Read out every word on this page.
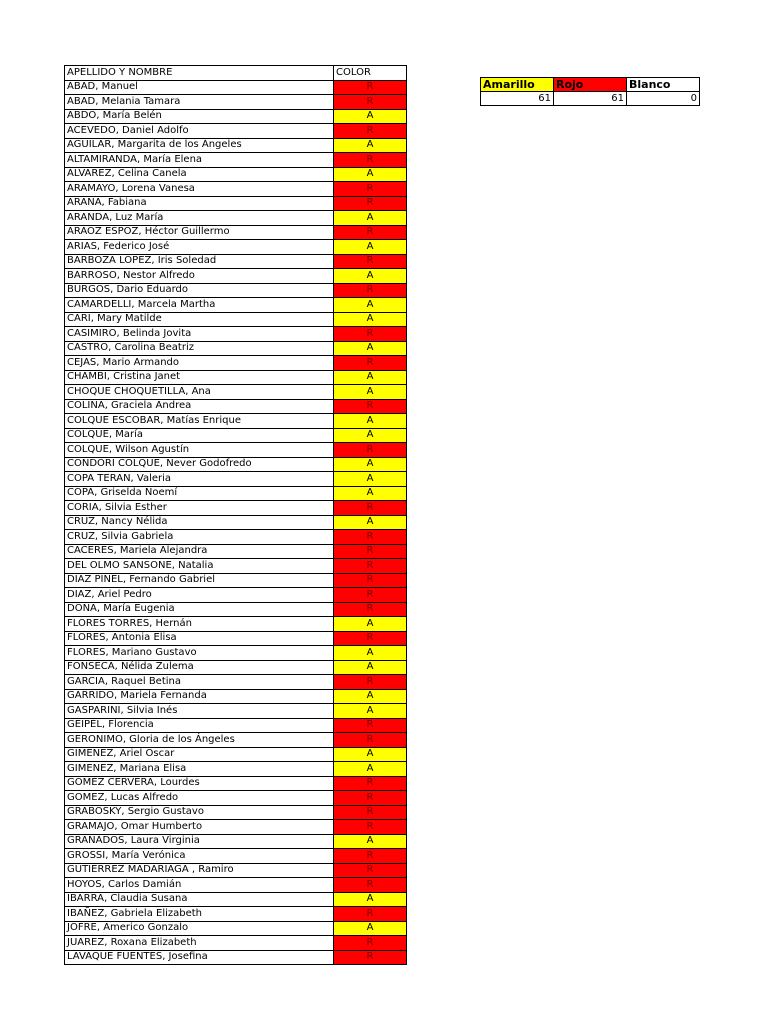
APELLIDO Y NOMBRE	COLOR
ABAD, Manuel	R
ABAD, Melania Tamara	R
ABDO, María Belén	A
ACEVEDO, Daniel Adolfo	R
AGUILAR, Margarita de los Ángeles	A
ALTAMIRANDA, María Elena	R
ALVAREZ, Celina Canela	A
ARAMAYO, Lorena Vanesa	R
ARANA, Fabiana	R
ARANDA, Luz María	A
ARAOZ ESPOZ, Héctor Guillermo	R
ARIAS, Federico José	A
BARBOZA LOPEZ, Iris Soledad	R
BARROSO, Nestor Alfredo	A
BURGOS, Dario Eduardo	R
CAMARDELLI, Marcela Martha	A
CARI, Mary Matilde	A
CASIMIRO, Belinda Jovita	R
CASTRO, Carolina Beatriz	A
CEJAS, Mario Armando	R
CHAMBI, Cristina Janet	A
CHOQUE CHOQUETILLA, Ana	A
COLINA, Graciela Andrea	R
COLQUE ESCOBAR, Matías Enrique	A
COLQUE, María	A
COLQUE, Wilson Agustín	R
CONDORI COLQUE, Never Godofredo	A
COPA TERAN, Valeria	A
COPA, Griselda Noemí	A
CORIA, Silvia Esther	R
CRUZ, Nancy Nélida	A
CRUZ, Silvia Gabriela	R
CACERES, Mariela Alejandra	R
DEL OLMO SANSONE, Natalia	R
DIAZ PINEL, Fernando Gabriel	R
DIAZ, Ariel Pedro	R
DOÑA, María Eugenia	R
FLORES TORRES, Hernán	A
FLORES, Antonia Elisa	R
FLORES, Mariano Gustavo	A
FONSECA, Nélida Zulema	A
GARCIA, Raquel Betina	R
GARRIDO, Mariela Fernanda	A
GASPARINI, Silvia Inés	A
GEIPEL, Florencia	R
GERONIMO, Gloria de los Ángeles	R
GIMENEZ, Ariel Oscar	A
GIMENEZ, Mariana Elisa	A
GOMEZ CERVERA, Lourdes	R
GOMEZ, Lucas Alfredo	R
GRABOSKY, Sergio Gustavo	R
GRAMAJO, Omar Humberto	R
GRANADOS, Laura Virginia	A
GROSSI, María Verónica	R
GUTIERREZ MADARIAGA , Ramiro	R
HOYOS, Carlos Damián	R
IBARRA, Claudia Susana	A
IBAÑEZ, Gabriela Elizabeth	R
JOFRE, Americo Gonzalo	A
JUAREZ, Roxana Elizabeth	R
LAVAQUE FUENTES, Josefina	R
Amarillo	Rojo	Blanco
61	61	0
